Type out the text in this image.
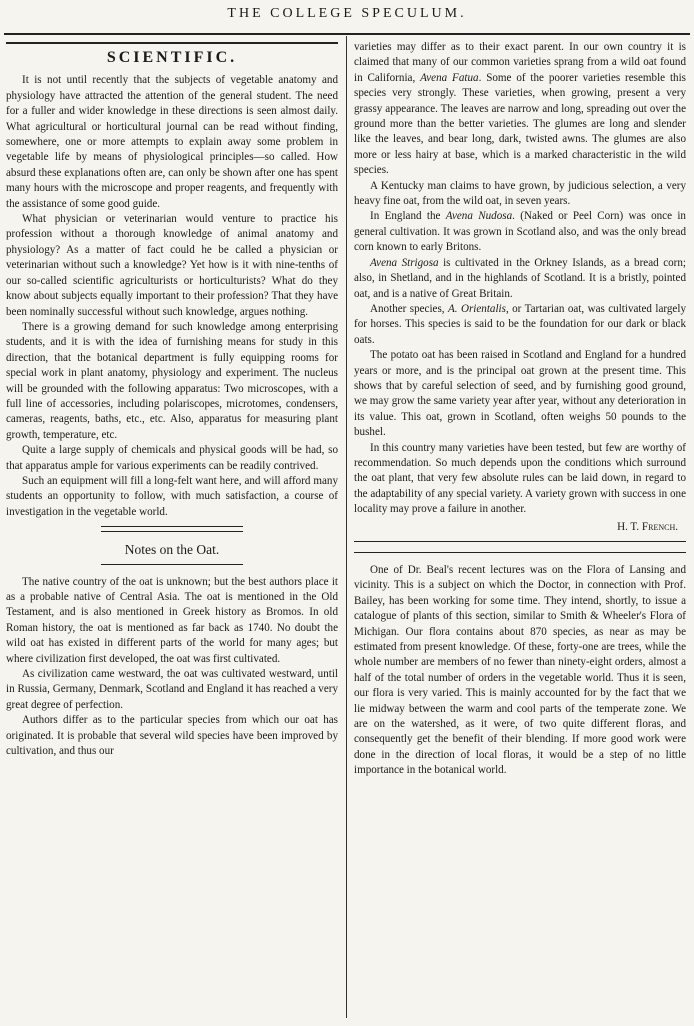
THE COLLEGE SPECULUM.
SCIENTIFIC.

It is not until recently that the subjects of vegetable anatomy and physiology have attracted the attention of the general student. The need for a fuller and wider knowledge in these directions is seen almost daily. What agricultural or horticultural journal can be read without finding, somewhere, one or more attempts to explain away some problem in vegetable life by means of physiological principles—so called. How absurd these explanations often are, can only be shown after one has spent many hours with the microscope and proper reagents, and frequently with the assistance of some good guide.

What physician or veterinarian would venture to practice his profession without a thorough knowledge of animal anatomy and physiology? As a matter of fact could he be called a physician or veterinarian without such a knowledge? Yet how is it with nine-tenths of our so-called scientific agriculturists or horticulturists? What do they know about subjects equally important to their profession? That they have been nominally successful without such knowledge, argues nothing.

There is a growing demand for such knowledge among enterprising students, and it is with the idea of furnishing means for study in this direction, that the botanical department is fully equipping rooms for special work in plant anatomy, physiology and experiment. The nucleus will be grounded with the following apparatus: Two microscopes, with a full line of accessories, including polariscopes, microtomes, condensers, cameras, reagents, baths, etc., etc. Also, apparatus for measuring plant growth, temperature, etc.

Quite a large supply of chemicals and physical goods will be had, so that apparatus ample for various experiments can be readily contrived.

Such an equipment will fill a long-felt want here, and will afford many students an opportunity to follow, with much satisfaction, a course of investigation in the vegetable world.

Notes on the Oat.

The native country of the oat is unknown; but the best authors place it as a probable native of Central Asia. The oat is mentioned in the Old Testament, and is also mentioned in Greek history as Bromos. In old Roman history, the oat is mentioned as far back as 1740. No doubt the wild oat has existed in different parts of the world for many ages; but where civilization first developed, the oat was first cultivated.

As civilization came westward, the oat was cultivated westward, until in Russia, Germany, Denmark, Scotland and England it has reached a very great degree of perfection.

Authors differ as to the particular species from which our oat has originated. It is probable that several wild species have been improved by cultivation, and thus our

varieties may differ as to their exact parent. In our own country it is claimed that many of our common varieties sprang from a wild oat found in California, Avena Fatua. Some of the poorer varieties resemble this species very strongly. These varieties, when growing, present a very grassy appearance. The leaves are narrow and long, spreading out over the ground more than the better varieties. The glumes are long and slender like the leaves, and bear long, dark, twisted awns. The glumes are also more or less hairy at base, which is a marked characteristic in the wild species.

A Kentucky man claims to have grown, by judicious selection, a very heavy fine oat, from the wild oat, in seven years.

In England the Avena Nudosa. (Naked or Peel Corn) was once in general cultivation. It was grown in Scotland also, and was the only bread corn known to early Britons.

Avena Strigosa is cultivated in the Orkney Islands, as a bread corn; also, in Shetland, and in the highlands of Scotland. It is a bristly, pointed oat, and is a native of Great Britain.

Another species, A. Orientalis, or Tartarian oat, was cultivated largely for horses. This species is said to be the foundation for our dark or black oats.

The potato oat has been raised in Scotland and England for a hundred years or more, and is the principal oat grown at the present time. This shows that by careful selection of seed, and by furnishing good ground, we may grow the same variety year after year, without any deterioration in its value. This oat, grown in Scotland, often weighs 50 pounds to the bushel.

In this country many varieties have been tested, but few are worthy of recommendation. So much depends upon the conditions which surround the oat plant, that very few absolute rules can be laid down, in regard to the adaptability of any special variety. A variety grown with success in one locality may prove a failure in another.

H. T. French.

One of Dr. Beal's recent lectures was on the Flora of Lansing and vicinity. This is a subject on which the Doctor, in connection with Prof. Bailey, has been working for some time. They intend, shortly, to issue a catalogue of plants of this section, similar to Smith & Wheeler's Flora of Michigan. Our flora contains about 870 species, as near as may be estimated from present knowledge. Of these, forty-one are trees, while the whole number are members of no fewer than ninety-eight orders, almost a half of the total number of orders in the vegetable world. Thus it is seen, our flora is very varied. This is mainly accounted for by the fact that we lie midway between the warm and cool parts of the temperate zone. We are on the watershed, as it were, of two quite different floras, and consequently get the benefit of their blending. If more good work were done in the direction of local floras, it would be a step of no little importance in the botanical world.
